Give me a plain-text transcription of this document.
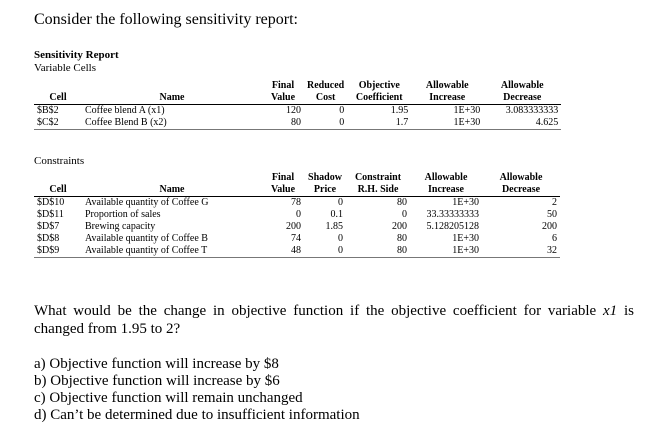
Consider the following sensitivity report:
Sensitivity Report
Variable Cells
		Final	Reduced	Objective	Allowable	Allowable
Cell	Name	Value	Cost	Coefficient	Increase	Decrease
$B$2	Coffee blend A (x1)	120	0	1.95	1E+30	3.083333333
$C$2	Coffee Blend B (x2)	80	0	1.7	1E+30	4.625
Constraints
		Final	Shadow	Constraint	Allowable	Allowable
Cell	Name	Value	Price	R.H. Side	Increase	Decrease
$D$10	Available quantity of Coffee G	78	0	80	1E+30	2
$D$11	Proportion of sales	0	0.1	0	33.33333333	50
$D$7	Brewing capacity	200	1.85	200	5.128205128	200
$D$8	Available quantity of Coffee B	74	0	80	1E+30	6
$D$9	Available quantity of Coffee T	48	0	80	1E+30	32
What would be the change in objective function if the objective coefficient for variable x1 is changed from 1.95 to 2?
a) Objective function will increase by $8
b) Objective function will increase by $6
c) Objective function will remain unchanged
d) Can’t be determined due to insufficient information
